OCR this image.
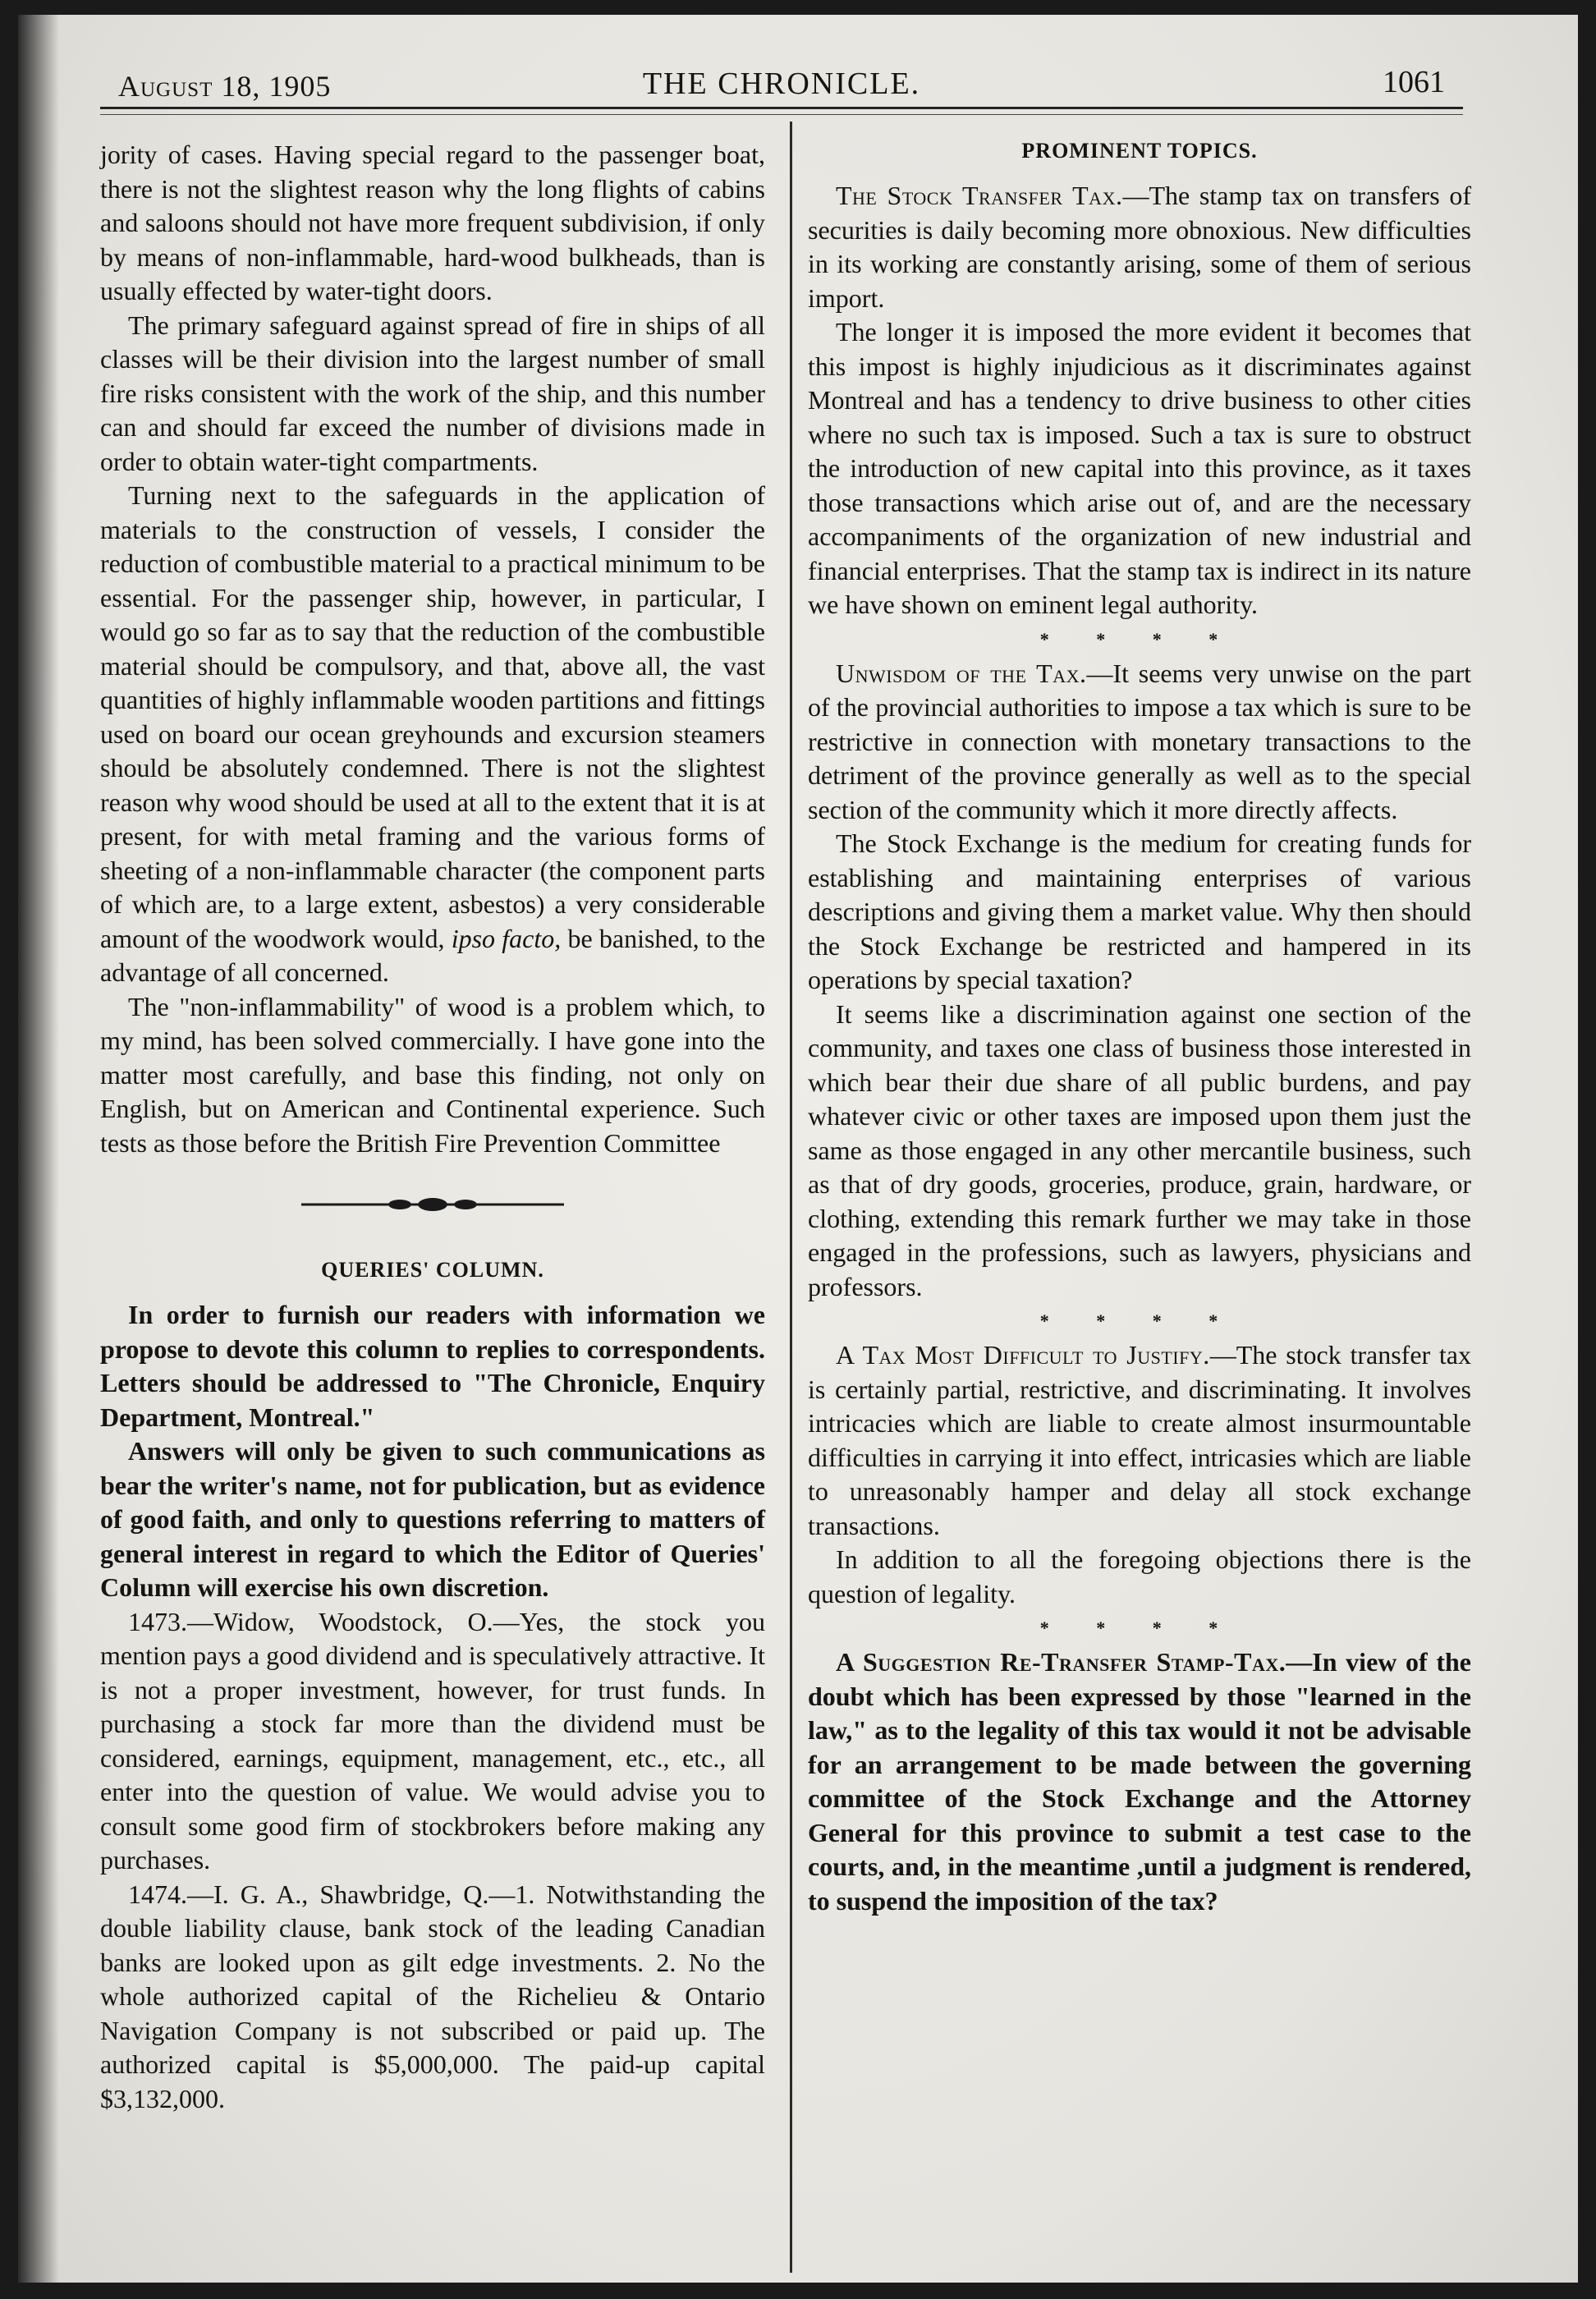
August 18, 1905	THE CHRONICLE.	1061

jority of cases. Having special regard to the passenger boat, there is not the slightest reason why the long flights of cabins and saloons should not have more frequent subdivision, if only by means of non-inflammable, hard-wood bulkheads, than is usually effected by water-tight doors.

The primary safeguard against spread of fire in ships of all classes will be their division into the largest number of small fire risks consistent with the work of the ship, and this number can and should far exceed the number of divisions made in order to obtain water-tight compartments.

Turning next to the safeguards in the application of materials to the construction of vessels, I consider the reduction of combustible material to a practical minimum to be essential. For the passenger ship, however, in particular, I would go so far as to say that the reduction of the combustible material should be compulsory, and that, above all, the vast quantities of highly inflammable wooden partitions and fittings used on board our ocean greyhounds and excursion steamers should be absolutely condemned. There is not the slightest reason why wood should be used at all to the extent that it is at present, for with metal framing and the various forms of sheeting of a non-inflammable character (the component parts of which are, to a large extent, asbestos) a very considerable amount of the woodwork would, ipso facto, be banished, to the advantage of all concerned.

The "non-inflammability" of wood is a problem which, to my mind, has been solved commercially. I have gone into the matter most carefully, and base this finding, not only on English, but on American and Continental experience. Such tests as those before the British Fire Prevention Committee

QUERIES' COLUMN.

In order to furnish our readers with information we propose to devote this column to replies to correspondents. Letters should be addressed to "The Chronicle, Enquiry Department, Montreal."

Answers will only be given to such communications as bear the writer's name, not for publication, but as evidence of good faith, and only to questions referring to matters of general interest in regard to which the Editor of Queries' Column will exercise his own discretion.

1473.—Widow, Woodstock, O.—Yes, the stock you mention pays a good dividend and is speculatively attractive. It is not a proper investment, however, for trust funds. In purchasing a stock far more than the dividend must be considered, earnings, equipment, management, etc., etc., all enter into the question of value. We would advise you to consult some good firm of stockbrokers before making any purchases.

1474.—I. G. A., Shawbridge, Q.—1. Notwithstanding the double liability clause, bank stock of the leading Canadian banks are looked upon as gilt edge investments. 2. No the whole authorized capital of the Richelieu & Ontario Navigation Company is not subscribed or paid up. The authorized capital is $5,000,000. The paid-up capital $3,132,000.

PROMINENT TOPICS.

The Stock Transfer Tax.—The stamp tax on transfers of securities is daily becoming more obnoxious. New difficulties in its working are constantly arising, some of them of serious import.

The longer it is imposed the more evident it becomes that this impost is highly injudicious as it discriminates against Montreal and has a tendency to drive business to other cities where no such tax is imposed. Such a tax is sure to obstruct the introduction of new capital into this province, as it taxes those transactions which arise out of, and are the necessary accompaniments of the organization of new industrial and financial enterprises. That the stamp tax is indirect in its nature we have shown on eminent legal authority.

* * * *

Unwisdom of the Tax.—It seems very unwise on the part of the provincial authorities to impose a tax which is sure to be restrictive in connection with monetary transactions to the detriment of the province generally as well as to the special section of the community which it more directly affects.

The Stock Exchange is the medium for creating funds for establishing and maintaining enterprises of various descriptions and giving them a market value. Why then should the Stock Exchange be restricted and hampered in its operations by special taxation?

It seems like a discrimination against one section of the community, and taxes one class of business those interested in which bear their due share of all public burdens, and pay whatever civic or other taxes are imposed upon them just the same as those engaged in any other mercantile business, such as that of dry goods, groceries, produce, grain, hardware, or clothing, extending this remark further we may take in those engaged in the professions, such as lawyers, physicians and professors.

* * * *

A Tax Most Difficult to Justify.—The stock transfer tax is certainly partial, restrictive, and discriminating. It involves intricacies which are liable to create almost insurmountable difficulties in carrying it into effect, intricasies which are liable to unreasonably hamper and delay all stock exchange transactions.

In addition to all the foregoing objections there is the question of legality.

* * * *

A Suggestion Re-Transfer Stamp-Tax.—In view of the doubt which has been expressed by those "learned in the law," as to the legality of this tax would it not be advisable for an arrangement to be made between the governing committee of the Stock Exchange and the Attorney General for this province to submit a test case to the courts, and, in the meantime ,until a judgment is rendered, to suspend the imposition of the tax?
